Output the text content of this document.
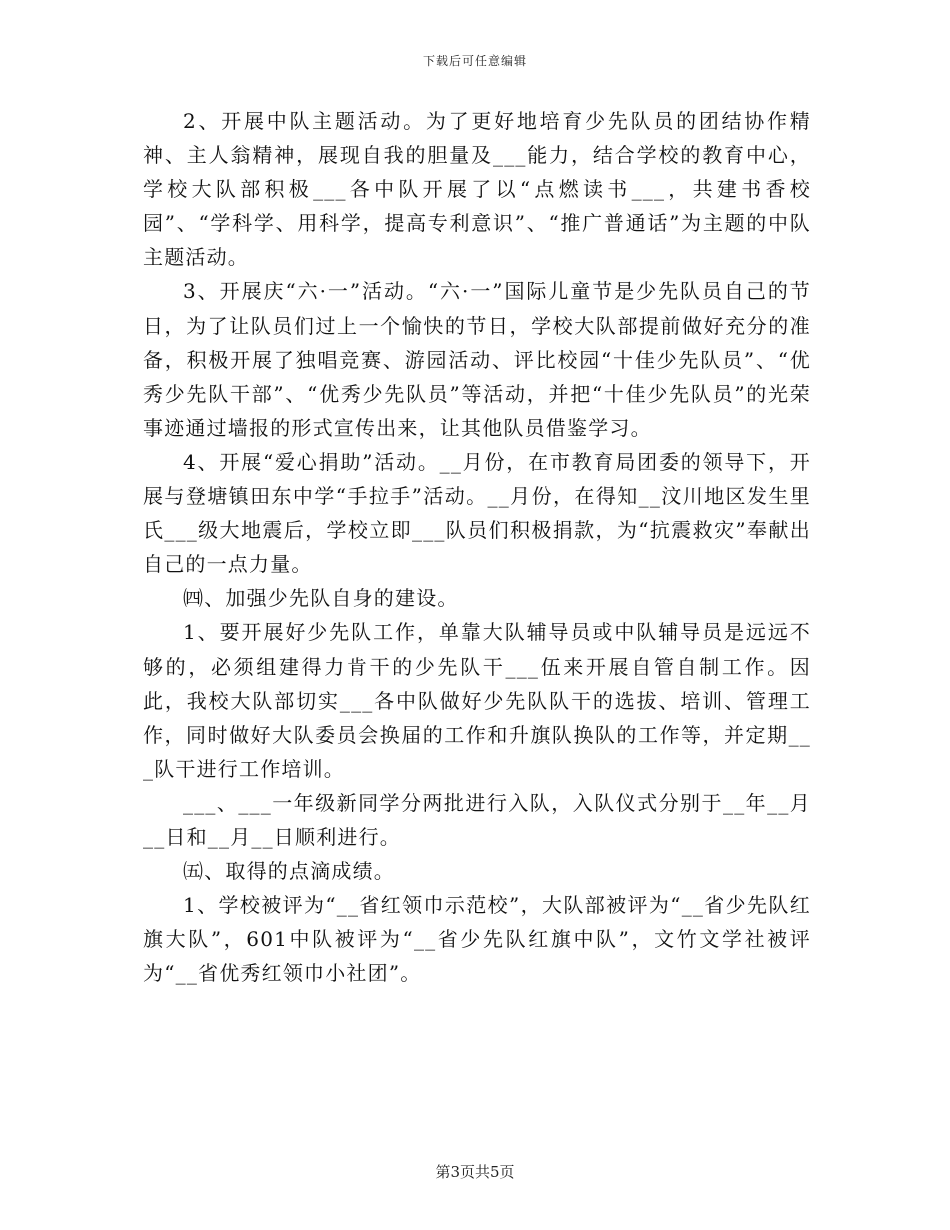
下载后可任意编辑

2、开展中队主题活动。为了更好地培育少先队员的团结协作精神、主人翁精神，展现自我的胆量及___能力，结合学校的教育中心，学校大队部积极___各中队开展了以“点燃读书___，共建书香校园”、“学科学、用科学，提高专利意识”、“推广普通话”为主题的中队主题活动。

3、开展庆“六·一”活动。“六·一”国际儿童节是少先队员自己的节日，为了让队员们过上一个愉快的节日，学校大队部提前做好充分的准备，积极开展了独唱竞赛、游园活动、评比校园“十佳少先队员”、“优秀少先队干部”、“优秀少先队员”等活动，并把“十佳少先队员”的光荣事迹通过墙报的形式宣传出来，让其他队员借鉴学习。

4、开展“爱心捐助”活动。__月份，在市教育局团委的领导下，开展与登塘镇田东中学“手拉手”活动。__月份，在得知__汶川地区发生里氏___级大地震后，学校立即___队员们积极捐款，为“抗震救灾”奉献出自己的一点力量。

㈣、加强少先队自身的建设。

1、要开展好少先队工作，单靠大队辅导员或中队辅导员是远远不够的，必须组建得力肯干的少先队干___伍来开展自管自制工作。因此，我校大队部切实___各中队做好少先队队干的选拔、培训、管理工作，同时做好大队委员会换届的工作和升旗队换队的工作等，并定期___队干进行工作培训。

___、___一年级新同学分两批进行入队，入队仪式分别于__年__月__日和__月__日顺利进行。

㈤、取得的点滴成绩。

1、学校被评为“__省红领巾示范校”，大队部被评为“__省少先队红旗大队”，601中队被评为“__省少先队红旗中队”，文竹文学社被评为“__省优秀红领巾小社团”。

第3页共5页
